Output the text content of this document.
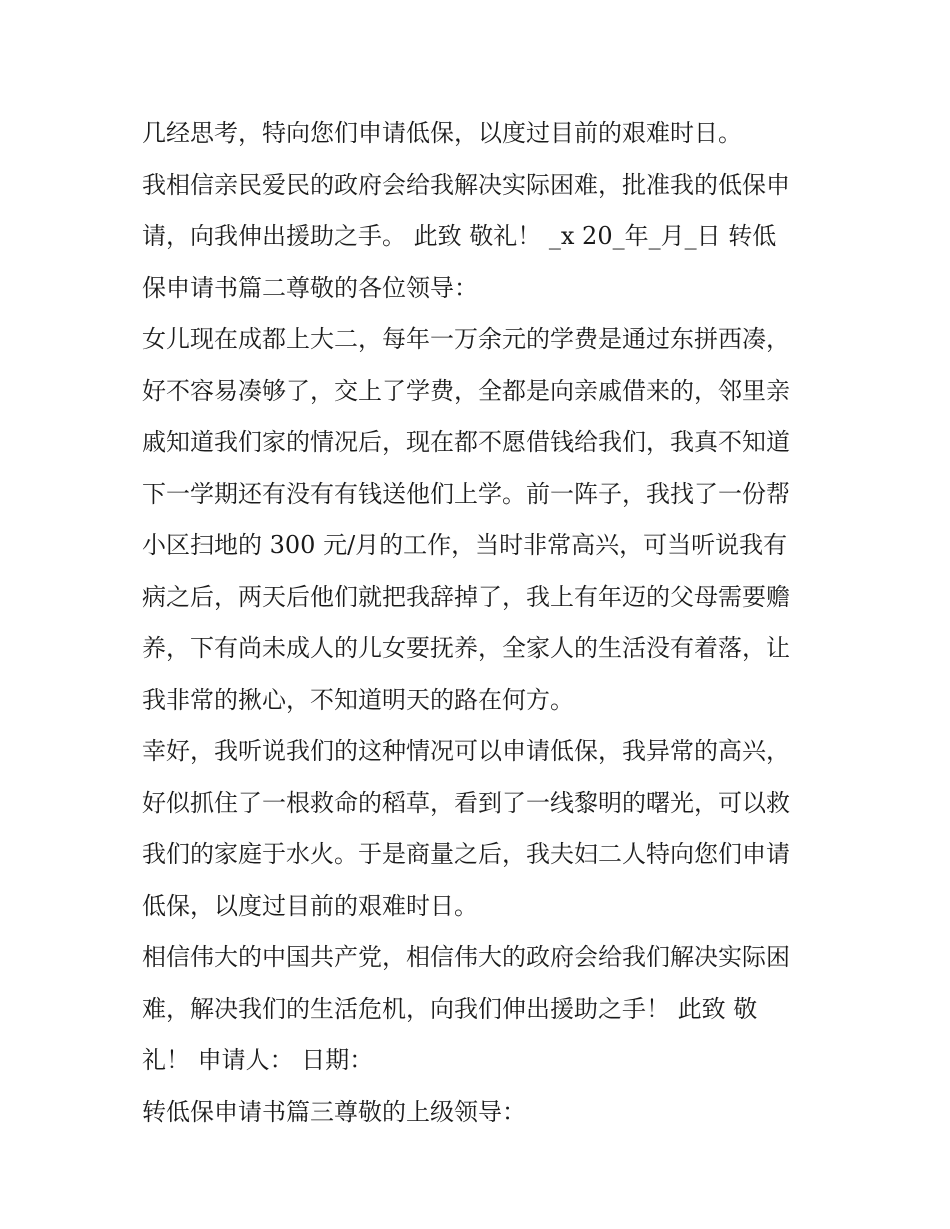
几经思考，特向您们申请低保，以度过目前的艰难时日。

我相信亲民爱民的政府会给我解决实际困难，批准我的低保申
请，向我伸出援助之手。 此致 敬礼！ _x 20_年_月_日 转低
保申请书篇二尊敬的各位领导：

女儿现在成都上大二，每年一万余元的学费是通过东拼西凑，
好不容易凑够了，交上了学费，全都是向亲戚借来的，邻里亲
戚知道我们家的情况后，现在都不愿借钱给我们，我真不知道
下一学期还有没有有钱送他们上学。前一阵子，我找了一份帮
小区扫地的 300 元/月的工作，当时非常高兴，可当听说我有
病之后，两天后他们就把我辞掉了，我上有年迈的父母需要赡
养，下有尚未成人的儿女要抚养，全家人的生活没有着落，让
我非常的揪心，不知道明天的路在何方。

幸好，我听说我们的这种情况可以申请低保，我异常的高兴，
好似抓住了一根救命的稻草，看到了一线黎明的曙光，可以救
我们的家庭于水火。于是商量之后，我夫妇二人特向您们申请
低保，以度过目前的艰难时日。

相信伟大的中国共产党，相信伟大的政府会给我们解决实际困
难，解决我们的生活危机，向我们伸出援助之手！ 此致 敬
礼！ 申请人： 日期：

转低保申请书篇三尊敬的上级领导：
